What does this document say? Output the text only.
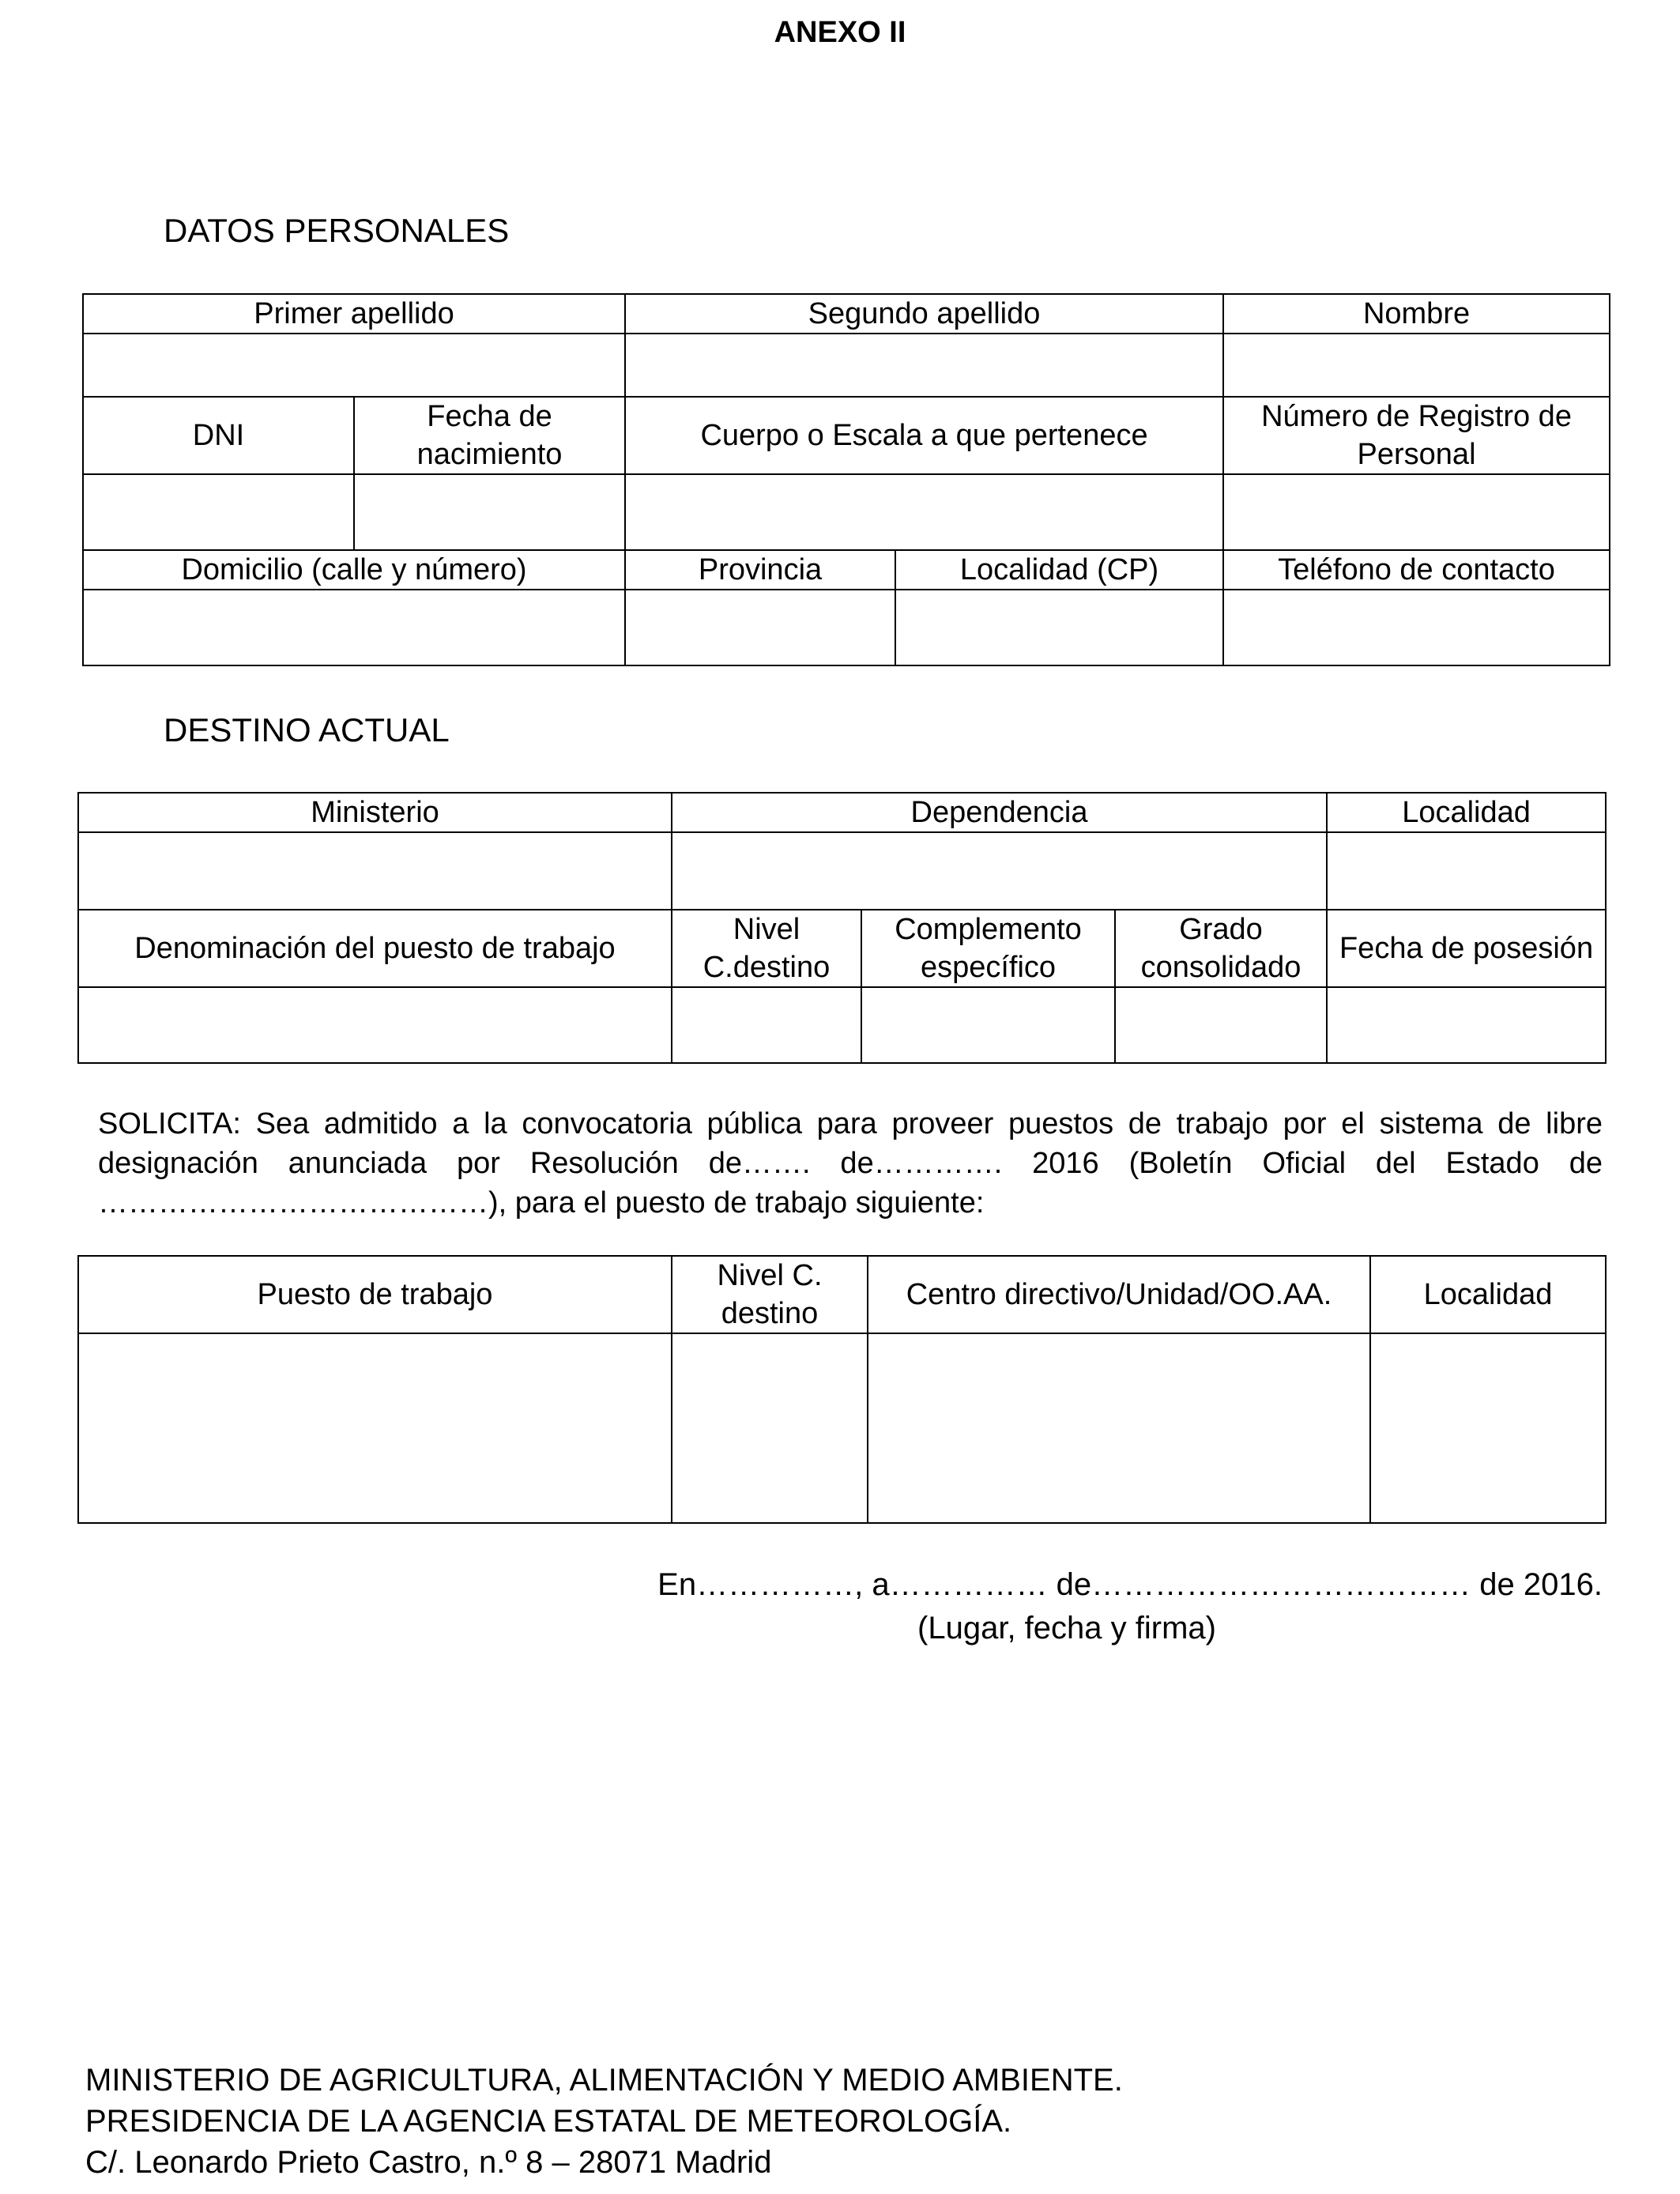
ANEXO II
DATOS PERSONALES
Primer apellido		Segundo apellido		Nombre

DNI	Fecha de nacimiento	Cuerpo o Escala a que pertenece		Número de Registro de Personal

Domicilio (calle y número)		Provincia	Localidad (CP)	Teléfono de contacto

DESTINO ACTUAL
Ministerio	Dependencia			Localidad

Denominación del puesto de trabajo	Nivel C.destino	Complemento específico	Grado consolidado	Fecha de posesión

SOLICITA: Sea admitido a la convocatoria pública para proveer puestos de trabajo por el sistema de libre designación anunciada por Resolución de……. de…………. 2016 (Boletín Oficial del Estado de …………………………………), para el puesto de trabajo siguiente:
Puesto de trabajo	Nivel C. destino	Centro directivo/Unidad/OO.AA.	Localidad

En……………, a…………… de……………………………… de 2016.
(Lugar, fecha y firma)
MINISTERIO DE AGRICULTURA, ALIMENTACIÓN Y MEDIO AMBIENTE.
PRESIDENCIA DE LA AGENCIA ESTATAL DE METEOROLOGÍA.
C/. Leonardo Prieto Castro, n.º 8 – 28071 Madrid
